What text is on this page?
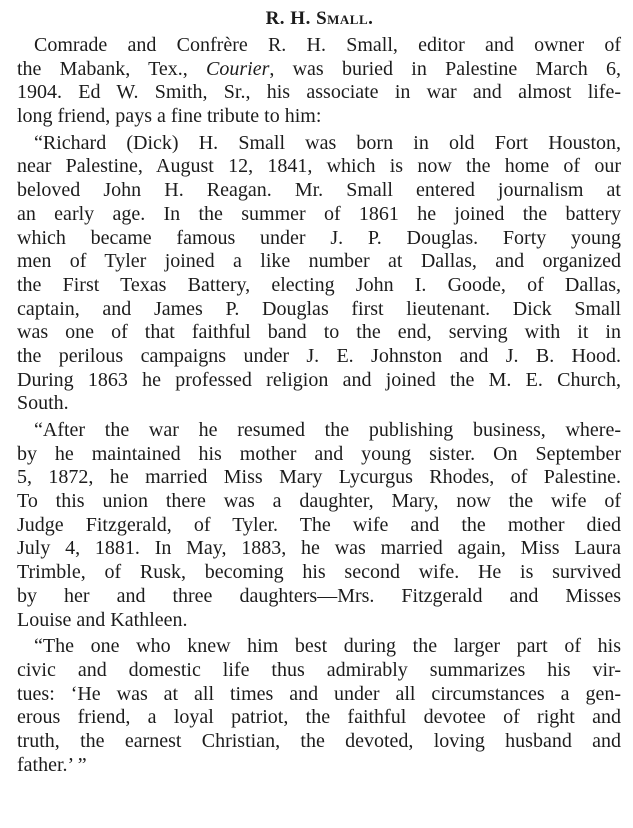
R. H. Small.
Comrade and Confrère R. H. Small, editor and owner of
the Mabank, Tex., Courier, was buried in Palestine March 6,
1904. Ed W. Smith, Sr., his associate in war and almost life-
long friend, pays a fine tribute to him:
“Richard (Dick) H. Small was born in old Fort Houston,
near Palestine, August 12, 1841, which is now the home of our
beloved John H. Reagan. Mr. Small entered journalism at
an early age. In the summer of 1861 he joined the battery
which became famous under J. P. Douglas. Forty young
men of Tyler joined a like number at Dallas, and organized
the First Texas Battery, electing John I. Goode, of Dallas,
captain, and James P. Douglas first lieutenant. Dick Small
was one of that faithful band to the end, serving with it in
the perilous campaigns under J. E. Johnston and J. B. Hood.
During 1863 he professed religion and joined the M. E. Church,
South.
“After the war he resumed the publishing business, where-
by he maintained his mother and young sister. On September
5, 1872, he married Miss Mary Lycurgus Rhodes, of Palestine.
To this union there was a daughter, Mary, now the wife of
Judge Fitzgerald, of Tyler. The wife and the mother died
July 4, 1881. In May, 1883, he was married again, Miss Laura
Trimble, of Rusk, becoming his second wife. He is survived
by her and three daughters—Mrs. Fitzgerald and Misses
Louise and Kathleen.
“The one who knew him best during the larger part of his
civic and domestic life thus admirably summarizes his vir-
tues: ‘He was at all times and under all circumstances a gen-
erous friend, a loyal patriot, the faithful devotee of right and
truth, the earnest Christian, the devoted, loving husband and
father.’ ”
